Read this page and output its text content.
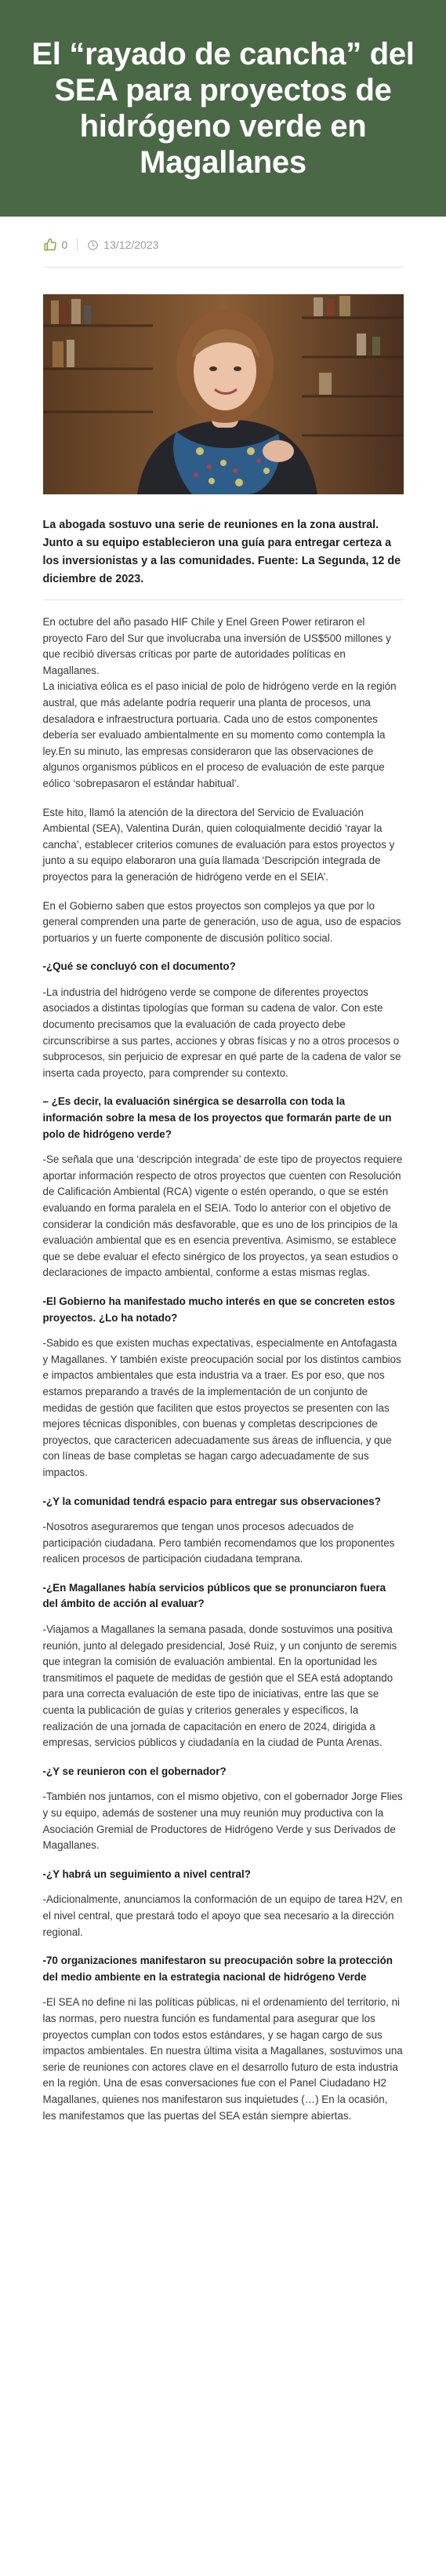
El “rayado de cancha” del SEA para proyectos de hidrógeno verde en Magallanes
0	13/12/2023
La abogada sostuvo una serie de reuniones en la zona austral. Junto a su equipo establecieron una guía para entregar certeza a los inversionistas y a las comunidades. Fuente: La Segunda, 12 de diciembre de 2023.

En octubre del año pasado HIF Chile y Enel Green Power retiraron el proyecto Faro del Sur que involucraba una inversión de US$500 millones y que recibió diversas críticas por parte de autoridades políticas en Magallanes.

La iniciativa eólica es el paso inicial de polo de hidrógeno verde en la región austral, que más adelante podría requerir una planta de procesos, una desaladora e infraestructura portuaria. Cada uno de estos componentes debería ser evaluado ambientalmente en su momento como contempla la ley.En su minuto, las empresas consideraron que las observaciones de algunos organismos públicos en el proceso de evaluación de este parque eólico ‘sobrepasaron el estándar habitual’.

Este hito, llamó la atención de la directora del Servicio de Evaluación Ambiental (SEA), Valentina Durán, quien coloquialmente decidió ‘rayar la cancha’, establecer criterios comunes de evaluación para estos proyectos y junto a su equipo elaboraron una guía llamada ‘Descripción integrada de proyectos para la generación de hidrógeno verde en el SEIA’.

En el Gobierno saben que estos proyectos son complejos ya que por lo general comprenden una parte de generación, uso de agua, uso de espacios portuarios y un fuerte componente de discusión político social.

-¿Qué se concluyó con el documento?

-La industria del hidrógeno verde se compone de diferentes proyectos asociados a distintas tipologías que forman su cadena de valor. Con este documento precisamos que la evaluación de cada proyecto debe circunscribirse a sus partes, acciones y obras físicas y no a otros procesos o subprocesos, sin perjuicio de expresar en qué parte de la cadena de valor se inserta cada proyecto, para comprender su contexto.

– ¿Es decir, la evaluación sinérgica se desarrolla con toda la información sobre la mesa de los proyectos que formarán parte de un polo de hidrógeno verde?

-Se señala que una ‘descripción integrada’ de este tipo de proyectos requiere aportar información respecto de otros proyectos que cuenten con Resolución de Calificación Ambiental (RCA) vigente o estén operando, o que se estén evaluando en forma paralela en el SEIA. Todo lo anterior con el objetivo de considerar la condición más desfavorable, que es uno de los principios de la evaluación ambiental que es en esencia preventiva. Asimismo, se establece que se debe evaluar el efecto sinérgico de los proyectos, ya sean estudios o declaraciones de impacto ambiental, conforme a estas mismas reglas.

-El Gobierno ha manifestado mucho interés en que se concreten estos proyectos. ¿Lo ha notado?

-Sabido es que existen muchas expectativas, especialmente en Antofagasta y Magallanes. Y también existe preocupación social por los distintos cambios e impactos ambientales que esta industria va a traer. Es por eso, que nos estamos preparando a través de la implementación de un conjunto de medidas de gestión que faciliten que estos proyectos se presenten con las mejores técnicas disponibles, con buenas y completas descripciones de proyectos, que caractericen adecuadamente sus áreas de influencia, y que con líneas de base completas se hagan cargo adecuadamente de sus impactos.

-¿Y la comunidad tendrá espacio para entregar sus observaciones?

-Nosotros aseguraremos que tengan unos procesos adecuados de participación ciudadana. Pero también recomendamos que los proponentes realicen procesos de participación ciudadana temprana.

-¿En Magallanes había servicios públicos que se pronunciaron fuera del ámbito de acción al evaluar?

-Viajamos a Magallanes la semana pasada, donde sostuvimos una positiva reunión, junto al delegado presidencial, José Ruiz, y un conjunto de seremis que integran la comisión de evaluación ambiental. En la oportunidad les transmitimos el paquete de medidas de gestión que el SEA está adoptando para una correcta evaluación de este tipo de iniciativas, entre las que se cuenta la publicación de guías y criterios generales y específicos, la realización de una jornada de capacitación en enero de 2024, dirigida a empresas, servicios públicos y ciudadanía en la ciudad de Punta Arenas.

-¿Y se reunieron con el gobernador?

-También nos juntamos, con el mismo objetivo, con el gobernador Jorge Flies y su equipo, además de sostener una muy reunión muy productiva con la Asociación Gremial de Productores de Hidrógeno Verde y sus Derivados de Magallanes.

-¿Y habrá un seguimiento a nivel central?

-Adicionalmente, anunciamos la conformación de un equipo de tarea H2V, en el nivel central, que prestará todo el apoyo que sea necesario a la dirección regional.

-70 organizaciones manifestaron su preocupación sobre la protección del medio ambiente en la estrategia nacional de hidrógeno Verde

-El SEA no define ni las políticas públicas, ni el ordenamiento del territorio, ni las normas, pero nuestra función es fundamental para asegurar que los proyectos cumplan con todos estos estándares, y se hagan cargo de sus impactos ambientales. En nuestra última visita a Magallanes, sostuvimos una serie de reuniones con actores clave en el desarrollo futuro de esta industria en la región. Una de esas conversaciones fue con el Panel Ciudadano H2 Magallanes, quienes nos manifestaron sus inquietudes (…) En la ocasión, les manifestamos que las puertas del SEA están siempre abiertas.
